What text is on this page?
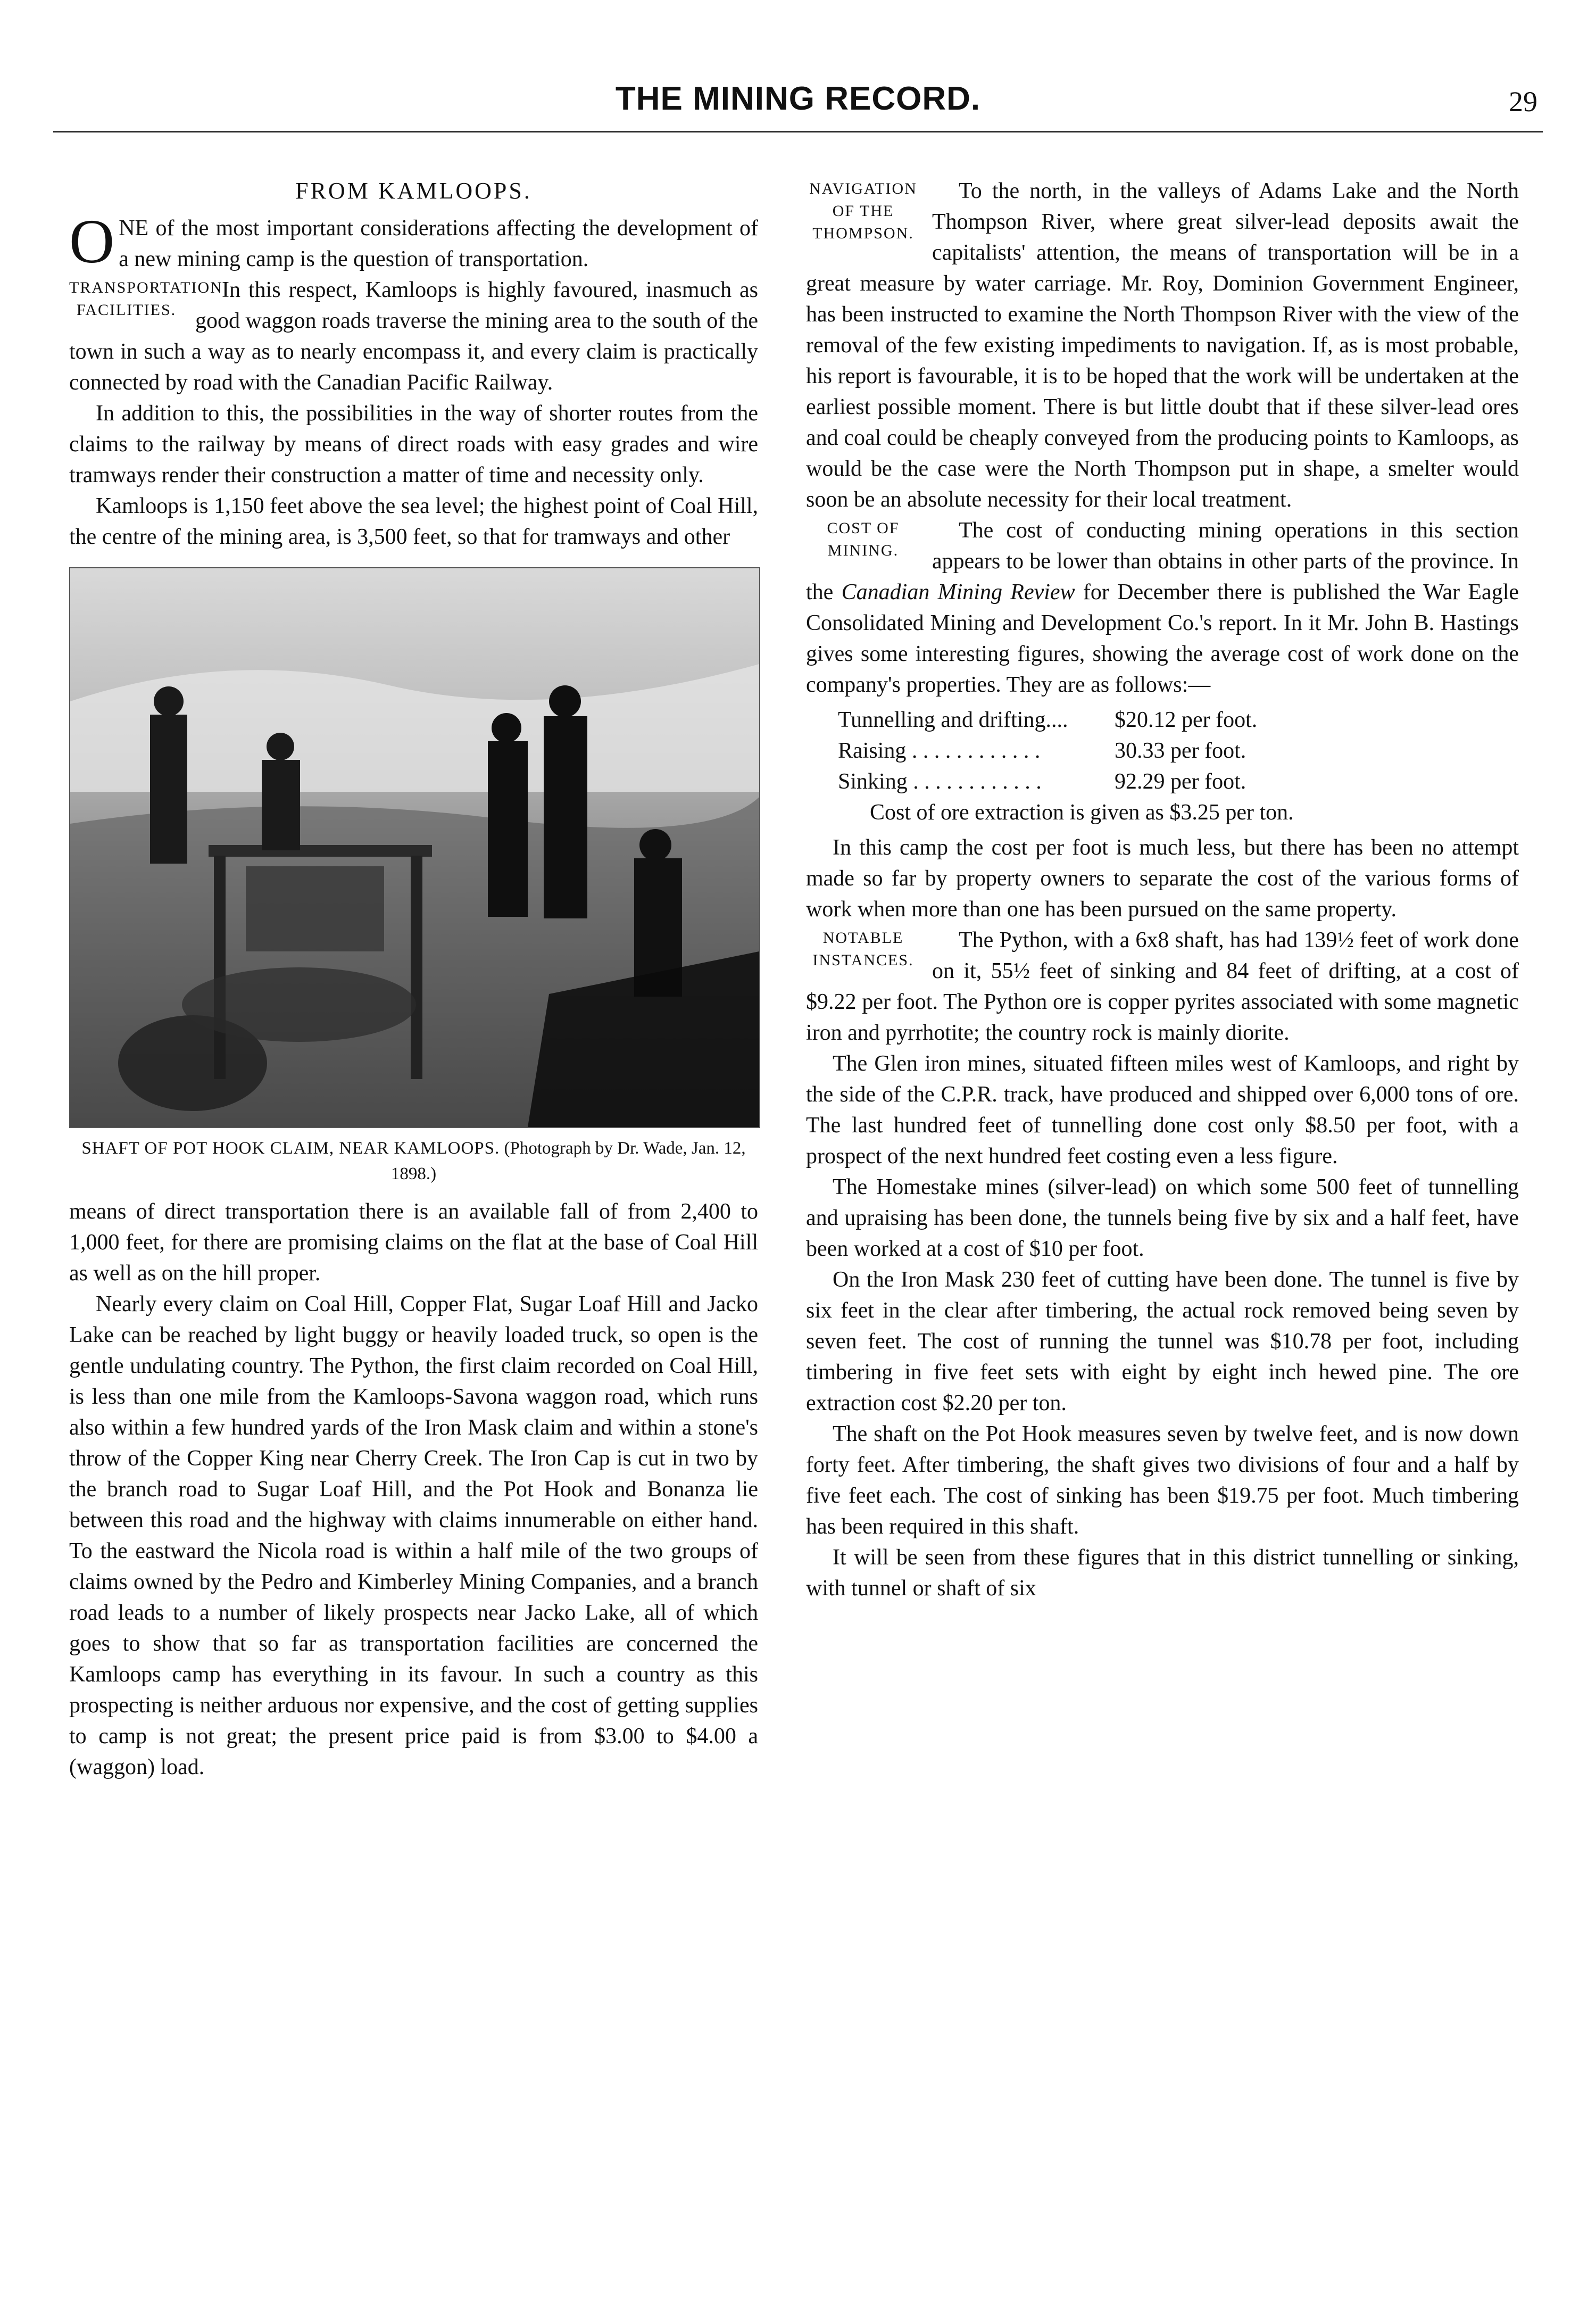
THE MINING RECORD.	29
FROM KAMLOOPS.

ONE of the most important considerations affecting the development of a new mining camp is the question of transportation.

TRANSPORTATION FACILITIES.
In this respect, Kamloops is highly favoured, inasmuch as good waggon roads traverse the mining area to the south of the town in such a way as to nearly encompass it, and every claim is practically connected by road with the Canadian Pacific Railway.

In addition to this, the possibilities in the way of shorter routes from the claims to the railway by means of direct roads with easy grades and wire tramways render their construction a matter of time and necessity only.

Kamloops is 1,150 feet above the sea level; the highest point of Coal Hill, the centre of the mining area, is 3,500 feet, so that for tramways and other

SHAFT OF POT HOOK CLAIM, NEAR KAMLOOPS. (Photograph by Dr. Wade, Jan. 12, 1898.)

means of direct transportation there is an available fall of from 2,400 to 1,000 feet, for there are promising claims on the flat at the base of Coal Hill as well as on the hill proper.

Nearly every claim on Coal Hill, Copper Flat, Sugar Loaf Hill and Jacko Lake can be reached by light buggy or heavily loaded truck, so open is the gentle undulating country. The Python, the first claim recorded on Coal Hill, is less than one mile from the Kamloops-Savona waggon road, which runs also within a few hundred yards of the Iron Mask claim and within a stone's throw of the Copper King near Cherry Creek. The Iron Cap is cut in two by the branch road to Sugar Loaf Hill, and the Pot Hook and Bonanza lie between this road and the highway with claims innumerable on either hand. To the eastward the Nicola road is within a half mile of the two groups of claims owned by the Pedro and Kimberley Mining Companies, and a branch road leads to a number of likely prospects near Jacko Lake, all of which goes to show that so far as transportation facilities are concerned the Kamloops camp has everything in its favour. In such a country as this prospecting is neither arduous nor expensive, and the cost of getting supplies to camp is not great; the present price paid is from $3.00 to $4.00 a (waggon) load.

NAVIGATION OF THE THOMPSON.
To the north, in the valleys of Adams Lake and the North Thompson River, where great silver-lead deposits await the capitalists' attention, the means of transportation will be in a great measure by water carriage. Mr. Roy, Dominion Government Engineer, has been instructed to examine the North Thompson River with the view of the removal of the few existing impediments to navigation. If, as is most probable, his report is favourable, it is to be hoped that the work will be undertaken at the earliest possible moment. There is but little doubt that if these silver-lead ores and coal could be cheaply conveyed from the producing points to Kamloops, as would be the case were the North Thompson put in shape, a smelter would soon be an absolute necessity for their local treatment.

COST OF MINING.
The cost of conducting mining operations in this section appears to be lower than obtains in other parts of the province. In the Canadian Mining Review for December there is published the War Eagle Consolidated Mining and Development Co.'s report. In it Mr. John B. Hastings gives some interesting figures, showing the average cost of work done on the company's properties. They are as follows:—

Tunnelling and drifting....	$20.12 per foot.
Raising . . . . . . . . . . . .	30.33 per foot.
Sinking . . . . . . . . . . . .	92.29 per foot.
Cost of ore extraction is given as $3.25 per ton.

In this camp the cost per foot is much less, but there has been no attempt made so far by property owners to separate the cost of the various forms of work when more than one has been pursued on the same property.

NOTABLE INSTANCES.
The Python, with a 6x8 shaft, has had 139½ feet of work done on it, 55½ feet of sinking and 84 feet of drifting, at a cost of $9.22 per foot. The Python ore is copper pyrites associated with some magnetic iron and pyrrhotite; the country rock is mainly diorite.

The Glen iron mines, situated fifteen miles west of Kamloops, and right by the side of the C.P.R. track, have produced and shipped over 6,000 tons of ore. The last hundred feet of tunnelling done cost only $8.50 per foot, with a prospect of the next hundred feet costing even a less figure.

The Homestake mines (silver-lead) on which some 500 feet of tunnelling and upraising has been done, the tunnels being five by six and a half feet, have been worked at a cost of $10 per foot.

On the Iron Mask 230 feet of cutting have been done. The tunnel is five by six feet in the clear after timbering, the actual rock removed being seven by seven feet. The cost of running the tunnel was $10.78 per foot, including timbering in five feet sets with eight by eight inch hewed pine. The ore extraction cost $2.20 per ton.

The shaft on the Pot Hook measures seven by twelve feet, and is now down forty feet. After timbering, the shaft gives two divisions of four and a half by five feet each. The cost of sinking has been $19.75 per foot. Much timbering has been required in this shaft.

It will be seen from these figures that in this district tunnelling or sinking, with tunnel or shaft of six
